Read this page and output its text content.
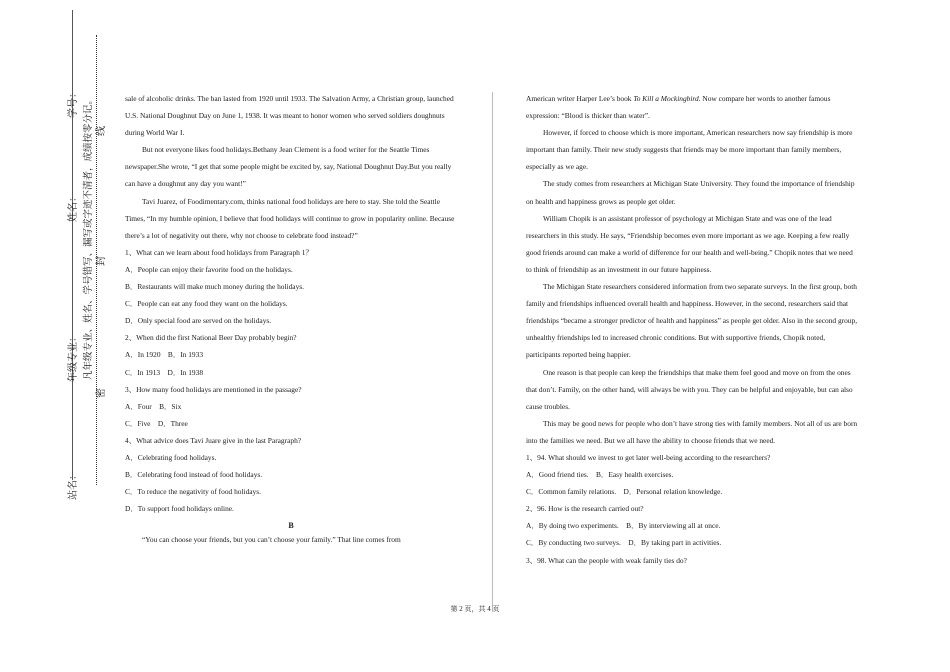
学号：
姓名：
年级专业：
站名：
凡年级专业、姓名、学号错写、漏写或字迹不清者，成绩按零分记。
密
封
线

sale of alcoholic drinks. The ban lasted from 1920 until 1933. The Salvation Army, a Christian group, launched U.S. National Doughnut Day on June 1, 1938. It was meant to honor women who served soldiers doughnuts during World War I.

But not everyone likes food holidays.Bethany Jean Clement is a food writer for the Seattle Times newspaper.She wrote, “I get that some people might be excited by, say, National Doughnut Day.But you really can have a doughnut any day you want!”

Tavi Juarez, of Foodimentary.com, thinks national food holidays are here to stay. She told the Seattle Times, “In my humble opinion, I believe that food holidays will continue to grow in popularity online. Because there’s a lot of negativity out there, why not choose to celebrate food instead?”

1、What can we learn about food holidays from Paragraph 1？

A．People can enjoy their favorite food on the holidays.

B．Restaurants will make much money during the holidays.

C．People can eat any food they want on the holidays.

D．Only special food are served on the holidays.

2、When did the first National Beer Day probably begin?

A．In 1920    B．In 1933

C．In 1913    D．In 1938

3、How many food holidays are mentioned in the passage?

A．Four    B．Six

C．Five    D．Three

4、What advice does Tavi Juare give in the last Paragraph?

A．Celebrating food holidays.

B．Celebrating food instead of food holidays.

C．To reduce the negativity of food holidays.

D．To support food holidays online.

B

“You can choose your friends, but you can’t choose your family.” That line comes from

American writer Harper Lee’s book To Kill a Mockingbird. Now compare her words to another famous expression: “Blood is thicker than water”.

However, if forced to choose which is more important, American researchers now say friendship is more important than family. Their new study suggests that friends may be more important than family members, especially as we age.

The study comes from researchers at Michigan State University. They found the importance of friendship on health and happiness grows as people get older.

William Chopik is an assistant professor of psychology at Michigan State and was one of the lead researchers in this study. He says, “Friendship becomes even more important as we age. Keeping a few really good friends around can make a world of difference for our health and well-being.” Chopik notes that we need to think of friendship as an investment in our future happiness.

The Michigan State researchers considered information from two separate surveys. In the first group, both family and friendships influenced overall health and happiness. However, in the second, researchers said that friendships “became a stronger predictor of health and happiness” as people get older. Also in the second group, unhealthy friendships led to increased chronic conditions. But with supportive friends, Chopik noted, participants reported being happier.

One reason is that people can keep the friendships that make them feel good and move on from the ones that don’t. Family, on the other hand, will always be with you. They can be helpful and enjoyable, but can also cause troubles.

This may be good news for people who don’t have strong ties with family members. Not all of us are born into the families we need. But we all have the ability to choose friends that we need.

1、94. What should we invest to get later well-being according to the researchers?

A．Good friend ties.    B．Easy health exercises.

C．Common family relations.    D．Personal relation knowledge.

2、96. How is the research carried out?

A．By doing two experiments.    B．By interviewing all at once.

C．By conducting two surveys.    D．By taking part in activities.

3、98. What can the people with weak family ties do?

第 2 页，共 4 页
